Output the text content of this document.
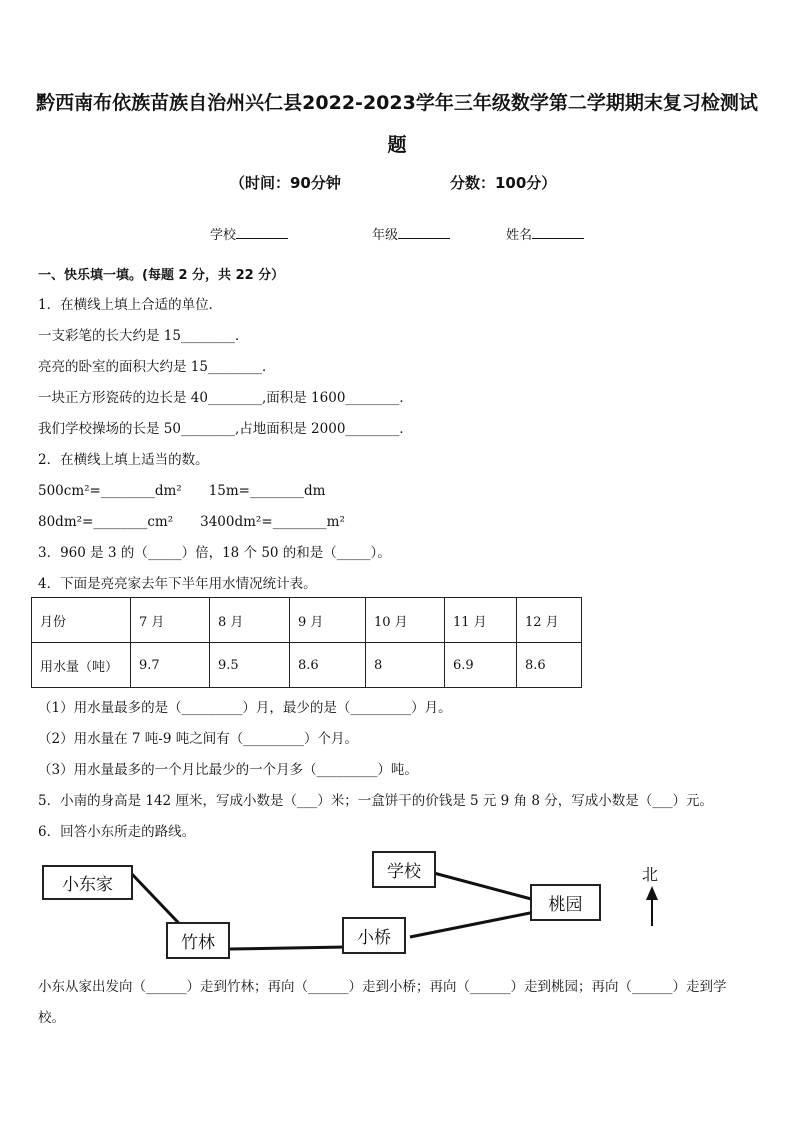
黔西南布依族苗族自治州兴仁县2022-2023学年三年级数学第二学期期末复习检测试
题
（时间：90分钟	分数：100分）
学校	年级	姓名
一、快乐填一填。(每题 2 分，共 22 分）
1．在横线上填上合适的单位．
一支彩笔的长大约是 15________．
亮亮的卧室的面积大约是 15________．
一块正方形瓷砖的边长是 40________,面积是 1600________．
我们学校操场的长是 50________,占地面积是 2000________．
2．在横线上填上适当的数。
500cm²=________dm²　　15m=________dm
80dm²=________cm²　　3400dm²=________m²
3．960 是 3 的（_____）倍，18 个 50 的和是（_____）。
4．下面是亮亮家去年下半年用水情况统计表。
月份	7 月	8 月	9 月	10 月	11 月	12 月
用水量（吨）	9.7	9.5	8.6	8	6.9	8.6
（1）用水量最多的是（_________）月，最少的是（_________）月。
（2）用水量在 7 吨-9 吨之间有（_________）个月。
（3）用水量最多的一个月比最少的一个月多（_________）吨。
5．小南的身高是 142 厘米，写成小数是（___）米；一盒饼干的价钱是 5 元 9 角 8 分，写成小数是（___）元。
6．回答小东所走的路线。
小东家
竹林	小桥
学校
桃园
北
小东从家出发向（______）走到竹林；再向（______）走到小桥；再向（______）走到桃园；再向（______）走到学
校。
